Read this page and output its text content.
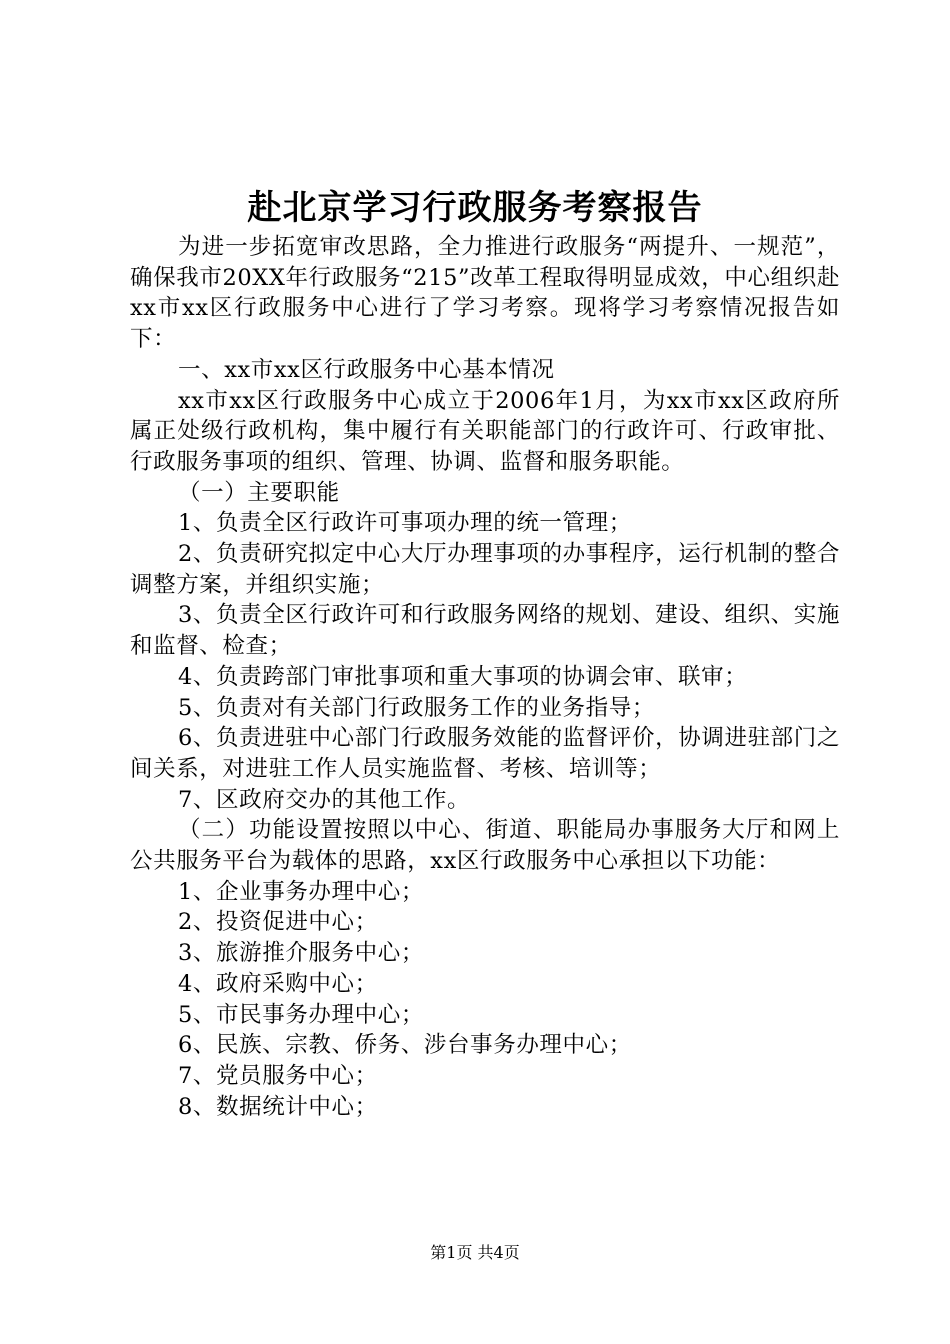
赴北京学习行政服务考察报告

为进一步拓宽审改思路，全力推进行政服务“两提升、一规范”，确保我市20XX年行政服务“215”改革工程取得明显成效，中心组织赴xx市xx区行政服务中心进行了学习考察。现将学习考察情况报告如下：

一、xx市xx区行政服务中心基本情况

xx市xx区行政服务中心成立于2006年1月，为xx市xx区政府所属正处级行政机构，集中履行有关职能部门的行政许可、行政审批、行政服务事项的组织、管理、协调、监督和服务职能。

（一）主要职能

1、负责全区行政许可事项办理的统一管理；

2、负责研究拟定中心大厅办理事项的办事程序，运行机制的整合调整方案，并组织实施；

3、负责全区行政许可和行政服务网络的规划、建设、组织、实施和监督、检查；

4、负责跨部门审批事项和重大事项的协调会审、联审；

5、负责对有关部门行政服务工作的业务指导；

6、负责进驻中心部门行政服务效能的监督评价，协调进驻部门之间关系，对进驻工作人员实施监督、考核、培训等；

7、区政府交办的其他工作。

（二）功能设置按照以中心、街道、职能局办事服务大厅和网上公共服务平台为载体的思路，xx区行政服务中心承担以下功能：

1、企业事务办理中心；

2、投资促进中心；

3、旅游推介服务中心；

4、政府采购中心；

5、市民事务办理中心；

6、民族、宗教、侨务、涉台事务办理中心；

7、党员服务中心；

8、数据统计中心；

第1页 共4页
